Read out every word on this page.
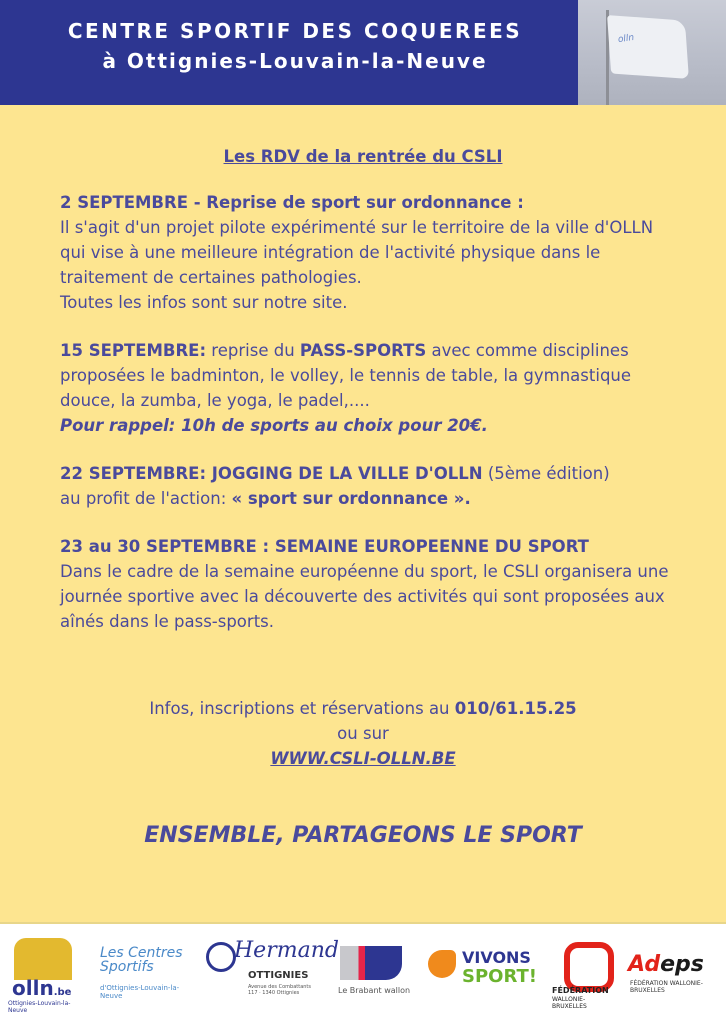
CENTRE SPORTIF DES COQUEREES
à Ottignies-Louvain-la-Neuve
olln
Les RDV de la rentrée du CSLI

2 SEPTEMBRE - Reprise de sport sur ordonnance :
Il s'agit d'un projet pilote expérimenté sur le territoire de la ville d'OLLN qui vise à une meilleure intégration de l'activité physique dans le traitement de certaines pathologies.
Toutes les infos sont sur notre site.

15 SEPTEMBRE: reprise du PASS-SPORTS avec comme disciplines proposées le badminton, le volley, le tennis de table, la gymnastique douce, la zumba, le yoga, le padel,....
Pour rappel: 10h de sports au choix pour 20€.

22 SEPTEMBRE: JOGGING DE LA VILLE D'OLLN (5ème édition)
au profit de l'action: « sport sur ordonnance ».

23 au 30 SEPTEMBRE : SEMAINE EUROPEENNE DU SPORT
Dans le cadre de la semaine européenne du sport, le CSLI organisera une journée sportive avec la découverte des activités qui sont proposées aux aînés dans le pass-sports.

Infos, inscriptions et réservations au 010/61.15.25
ou sur
WWW.CSLI-OLLN.BE
ENSEMBLE, PARTAGEONS LE SPORT
olln.be
Ottignies-Louvain-la-Neuve
Les Centres Sportifs
d'Ottignies-Louvain-la-Neuve
Hermand
OTTIGNIES
Avenue des Combattants 117 · 1340 Ottignies	Le Brabant wallon
VIVONS
SPORT!
FÉDÉRATION
WALLONIE-BRUXELLES
Adeps
FÉDÉRATION WALLONIE-BRUXELLES
